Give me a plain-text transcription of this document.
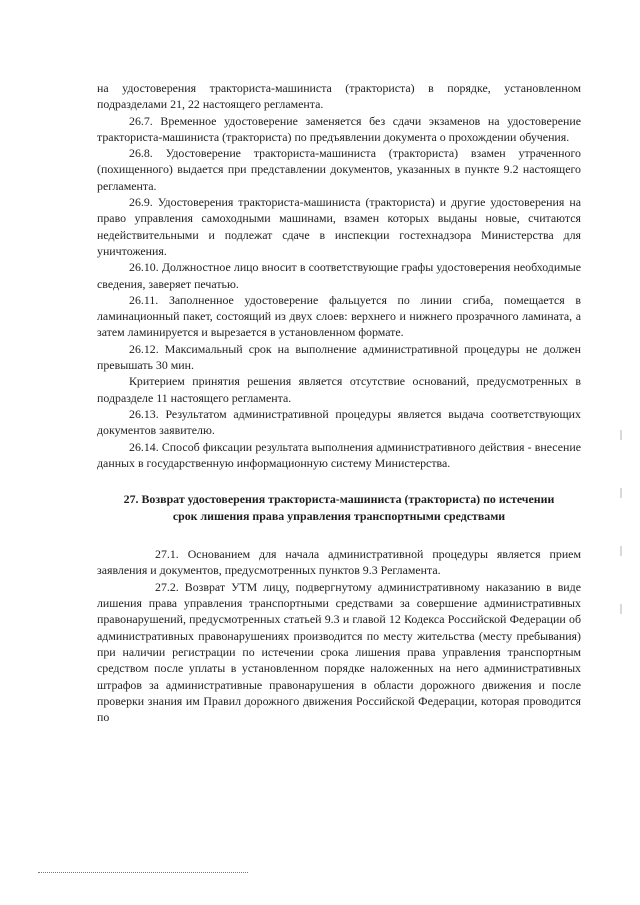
на удостоверения тракториста-машиниста (тракториста) в порядке, установленном подразделами 21, 22 настоящего регламента.

26.7. Временное удостоверение заменяется без сдачи экзаменов на удостоверение тракториста-машиниста (тракториста) по предъявлении документа о прохождении обучения.

26.8. Удостоверение тракториста-машиниста (тракториста) взамен утраченного (похищенного) выдается при представлении документов, указанных в пункте 9.2 настоящего регламента.

26.9. Удостоверения тракториста-машиниста (тракториста) и другие удостоверения на право управления самоходными машинами, взамен которых выданы новые, считаются недействительными и подлежат сдаче в инспекции гостехнадзора Министерства для уничтожения.

26.10. Должностное лицо вносит в соответствующие графы удостоверения необходимые сведения, заверяет печатью.

26.11. Заполненное удостоверение фальцуется по линии сгиба, помещается в ламинационный пакет, состоящий из двух слоев: верхнего и нижнего прозрачного ламината, а затем ламинируется и вырезается в установленном формате.

26.12. Максимальный срок на выполнение административной процедуры не должен превышать 30 мин.

Критерием принятия решения является отсутствие оснований, предусмотренных в подразделе 11 настоящего регламента.

26.13. Результатом административной процедуры является выдача соответствующих документов заявителю.

26.14. Способ фиксации результата выполнения административного действия - внесение данных в государственную информационную систему Министерства.

27. Возврат удостоверения тракториста-машиниста (тракториста) по истечении срок лишения права управления транспортными средствами

27.1. Основанием для начала административной процедуры является прием заявления и документов, предусмотренных пунктов 9.3 Регламента.

27.2. Возврат УТМ лицу, подвергнутому административному наказанию в виде лишения права управления транспортными средствами за совершение административных правонарушений, предусмотренных статьей 9.3 и главой 12 Кодекса Российской Федерации об административных правонарушениях производится по месту жительства (месту пребывания) при наличии регистрации по истечении срока лишения права управления транспортным средством после уплаты в установленном порядке наложенных на него административных штрафов за административные правонарушения в области дорожного движения и после проверки знания им Правил дорожного движения Российской Федерации, которая проводится по
